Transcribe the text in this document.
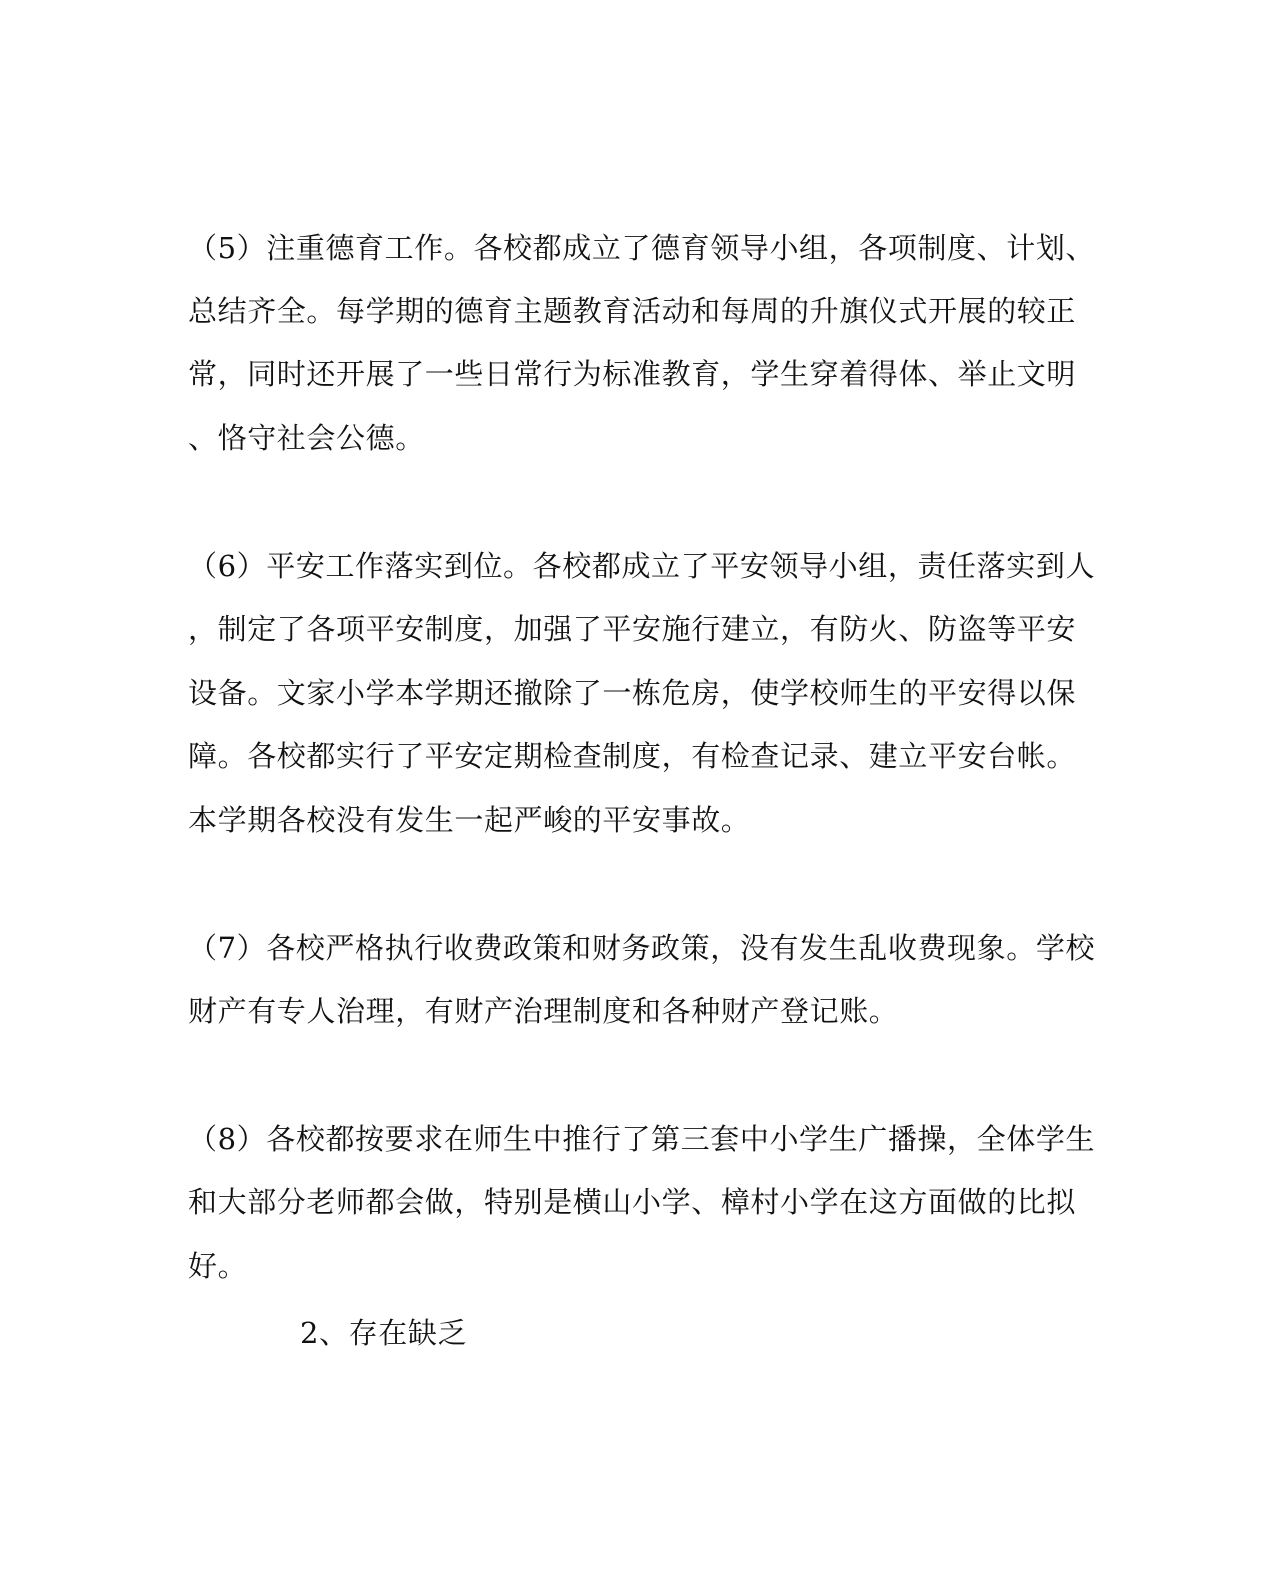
（5）注重德育工作。各校都成立了德育领导小组，各项制度、计划、
总结齐全。每学期的德育主题教育活动和每周的升旗仪式开展的较正
常，同时还开展了一些日常行为标准教育，学生穿着得体、举止文明
、恪守社会公德。
（6）平安工作落实到位。各校都成立了平安领导小组，责任落实到人
，制定了各项平安制度，加强了平安施行建立，有防火、防盗等平安
设备。文家小学本学期还撤除了一栋危房，使学校师生的平安得以保
障。各校都实行了平安定期检查制度，有检查记录、建立平安台帐。
本学期各校没有发生一起严峻的平安事故。
（7）各校严格执行收费政策和财务政策，没有发生乱收费现象。学校
财产有专人治理，有财产治理制度和各种财产登记账。
（8）各校都按要求在师生中推行了第三套中小学生广播操，全体学生
和大部分老师都会做，特别是横山小学、樟村小学在这方面做的比拟
好。
2、存在缺乏
